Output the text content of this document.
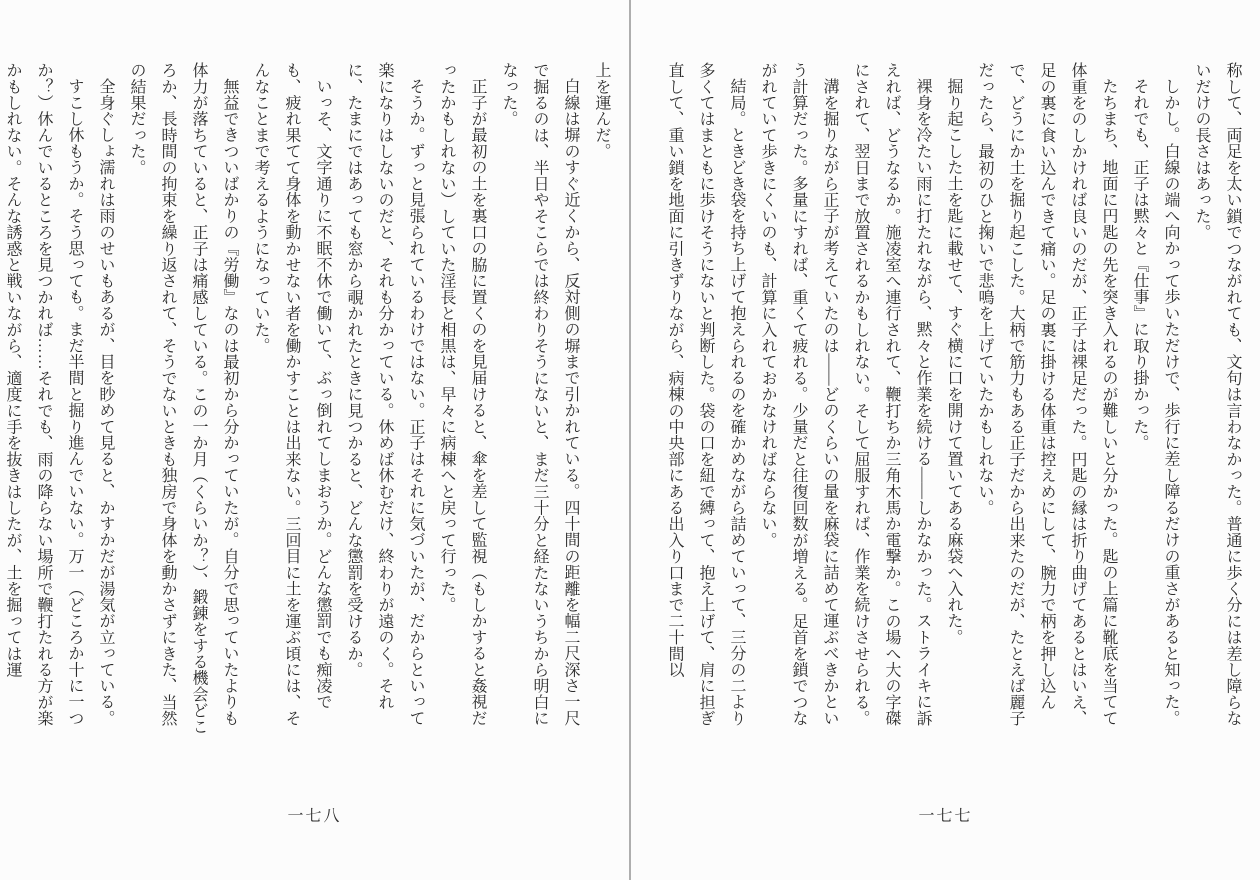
上を運んだ。

白線は塀のすぐ近くから、反対側の塀まで引かれている。四十間の距離を幅二尺深さ一尺で掘るのは、半日やそこらでは終わりそうにないと、まだ三十分と経たないうちから明白になった。

正子が最初の土を裏口の脇に置くのを見届けると、傘を差して監視（もしかすると姦視だったかもしれない）していた淫長と相黒は、早々に病棟へと戻って行った。

そうか。ずっと見張られているわけではない。正子はそれに気づいたが、だからといって楽になりはしないのだと、それも分かっている。休めば休むだけ、終わりが遠のく。それに、たまにではあっても窓から覗かれたときに見つかると、どんな懲罰を受けるか。

いっそ、文字通りに不眠不休で働いて、ぶっ倒れてしまおうか。どんな懲罰でも痴凌でも、疲れ果てて身体を動かせない者を働かすことは出来ない。三回目に土を運ぶ頃には、そんなことまで考えるようになっていた。

無益できついばかりの『労働』なのは最初から分かっていたが。自分で思っていたよりも体力が落ちていると、正子は痛感している。この一か月（くらいか？）、鍛錬をする機会どころか、長時間の拘束を繰り返されて、そうでないときも独房で身体を動かさずにきた、当然の結果だった。

全身ぐしょ濡れは雨のせいもあるが、目を眇めて見ると、かすかだが湯気が立っている。

すこし休もうか。そう思っても。まだ半間と掘り進んでいない。万一（どころか十に一つか？）休んでいるところを見つかれば……それでも、雨の降らない場所で鞭打たれる方が楽かもしれない。そんな誘惑と戦いながら、適度に手を抜きはしたが、土を掘っては運

一七八

称して、両足を太い鎖でつながれても、文句は言わなかった。普通に歩く分には差し障らないだけの長さはあった。

しかし。白線の端へ向かって歩いただけで、歩行に差し障るだけの重さがあると知った。

それでも、正子は黙々と『仕事』に取り掛かった。

たちまち、地面に円匙の先を突き入れるのが難しいと分かった。匙の上篇に靴底を当てて体重をのしかければ良いのだが、正子は裸足だった。円匙の縁は折り曲げてあるとはいえ、足の裏に食い込んできて痛い。足の裏に掛ける体重は控えめにして、腕力で柄を押し込んで、どうにか土を掘り起こした。大柄で筋力もある正子だから出来たのだが、たとえば麗子だったら、最初のひと掬いで悲鳴を上げていたかもしれない。

掘り起こした土を匙に載せて、すぐ横に口を開けて置いてある麻袋へ入れた。

裸身を冷たい雨に打たれながら、黙々と作業を続ける——しかなかった。ストライキに訴えれば、どうなるか。施凌室へ連行されて、鞭打ちか三角木馬か電撃か。この場へ大の字磔にされて、翌日まで放置されるかもしれない。そして屈服すれば、作業を続けさせられる。

溝を掘りながら正子が考えていたのは——どのくらいの量を麻袋に詰めて運ぶべきかという計算だった。多量にすれば、重くて疲れる。少量だと往復回数が増える。足首を鎖でつながれていて歩きにくいのも、計算に入れておかなければならない。

結局。ときどき袋を持ち上げて抱えられるのを確かめながら詰めていって、三分の二より多くてはまともに歩けそうにないと判断した。袋の口を紐で縛って、抱え上げて、肩に担ぎ直して、重い鎖を地面に引きずりながら、病棟の中央部にある出入り口まで二十間以

一七七
